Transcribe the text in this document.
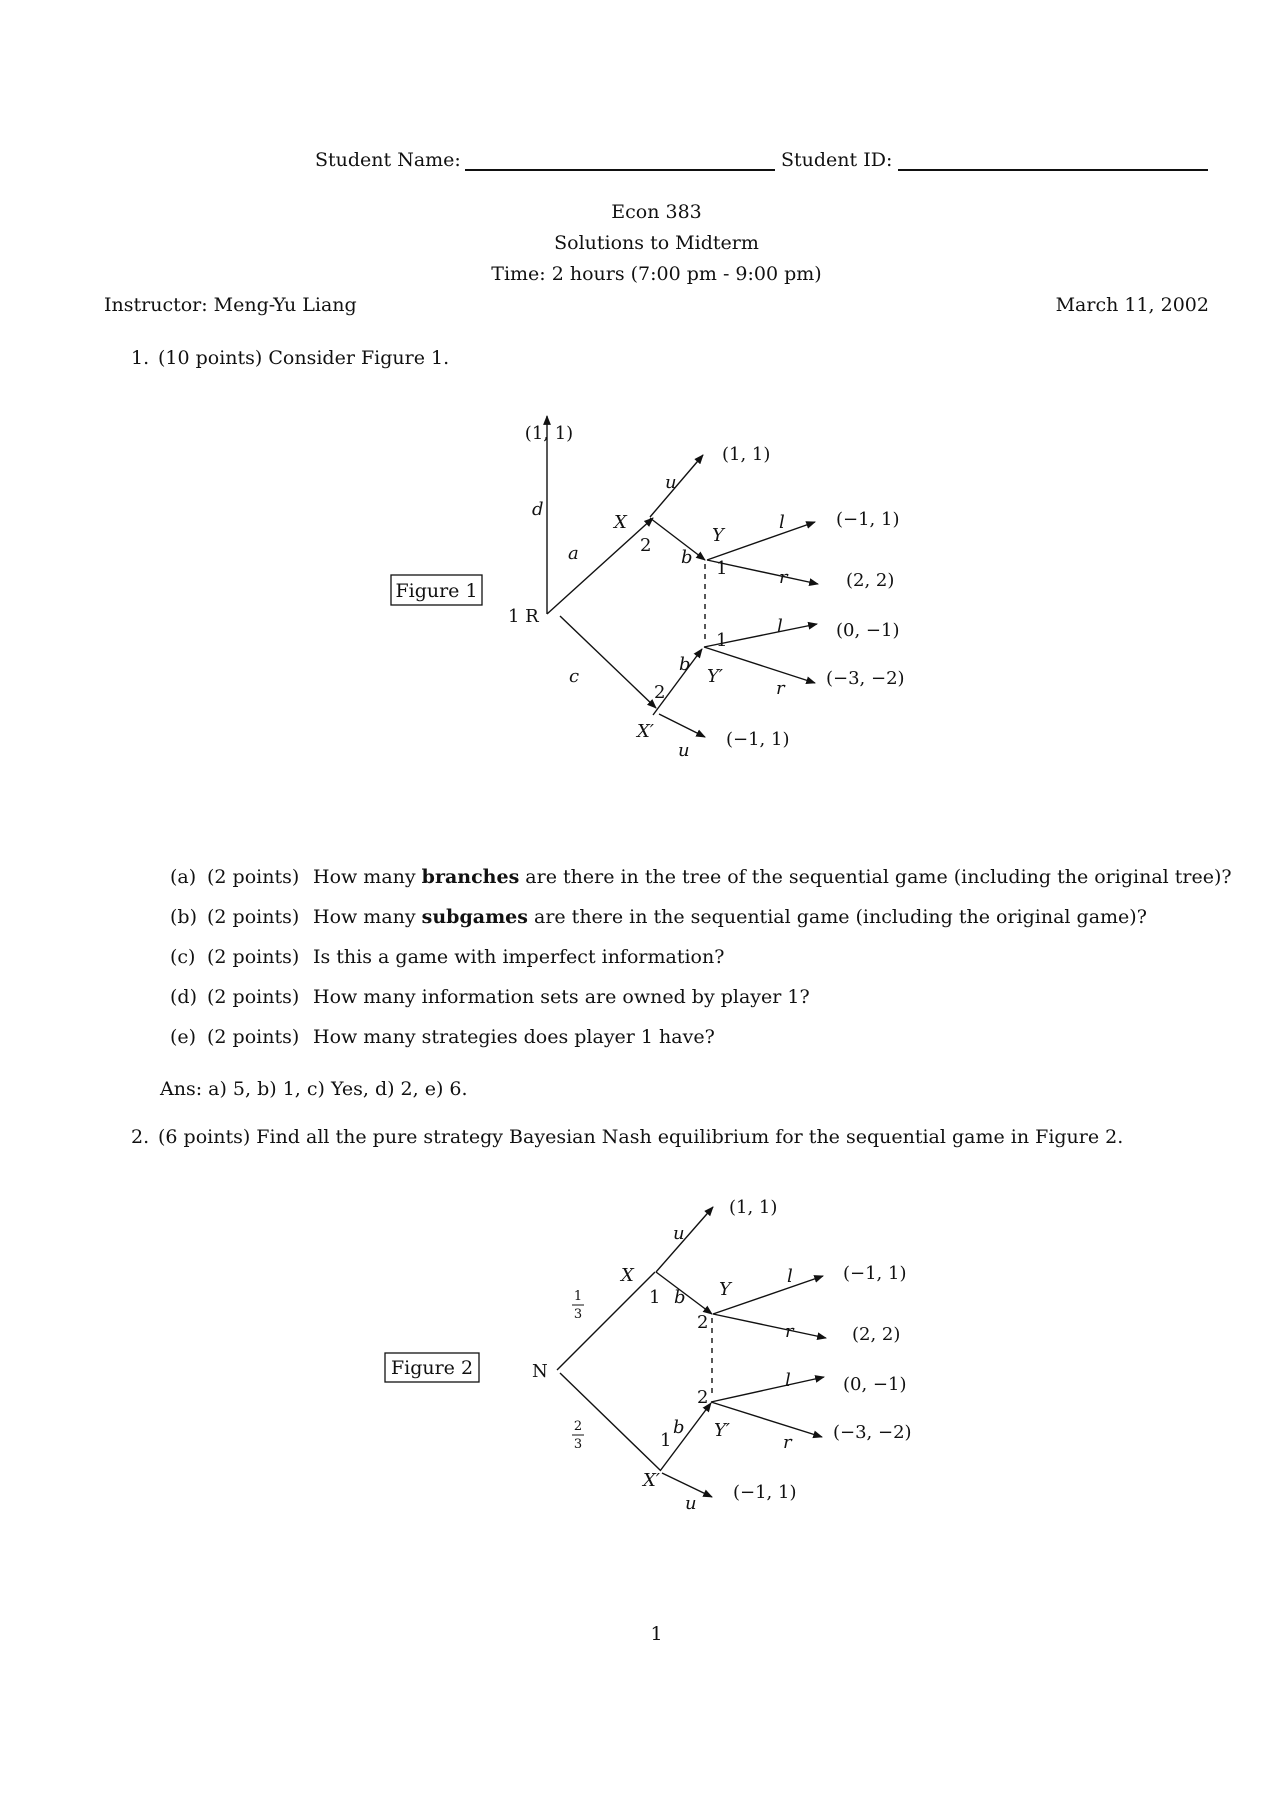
Student Name:	Student ID:
Econ 383
Solutions to Midterm
Time: 2 hours (7:00 pm - 9:00 pm)
Instructor: Meng-Yu Liang	March 11, 2002
1. (10 points) Consider Figure 1.
Figure 1
1 R
(1, 1)
d
a
c
X
2
u
b
(1, 1)
Y
1
l
r
(−1, 1)
(2, 2)
1
l
r
(0, −1)
(−3, −2)
Y′
b
2
X′
u
(−1, 1)
(a) (2 points) How many branches are there in the tree of the sequential game (including the original tree)?
(b) (2 points) How many subgames are there in the sequential game (including the original game)?
(c) (2 points) Is this a game with imperfect information?
(d) (2 points) How many information sets are owned by player 1?
(e) (2 points) How many strategies does player 1 have?
Ans: a) 5, b) 1, c) Yes, d) 2, e) 6.
2. (6 points) Find all the pure strategy Bayesian Nash equilibrium for the sequential game in Figure 2.
Figure 2	N
1
3
2
3
X
1
u
b
(1, 1)
Y
2
l
r
(−1, 1)
(2, 2)
2
l
r
(0, −1)
(−3, −2)
Y′
b
1
X′
u
(−1, 1)
1
